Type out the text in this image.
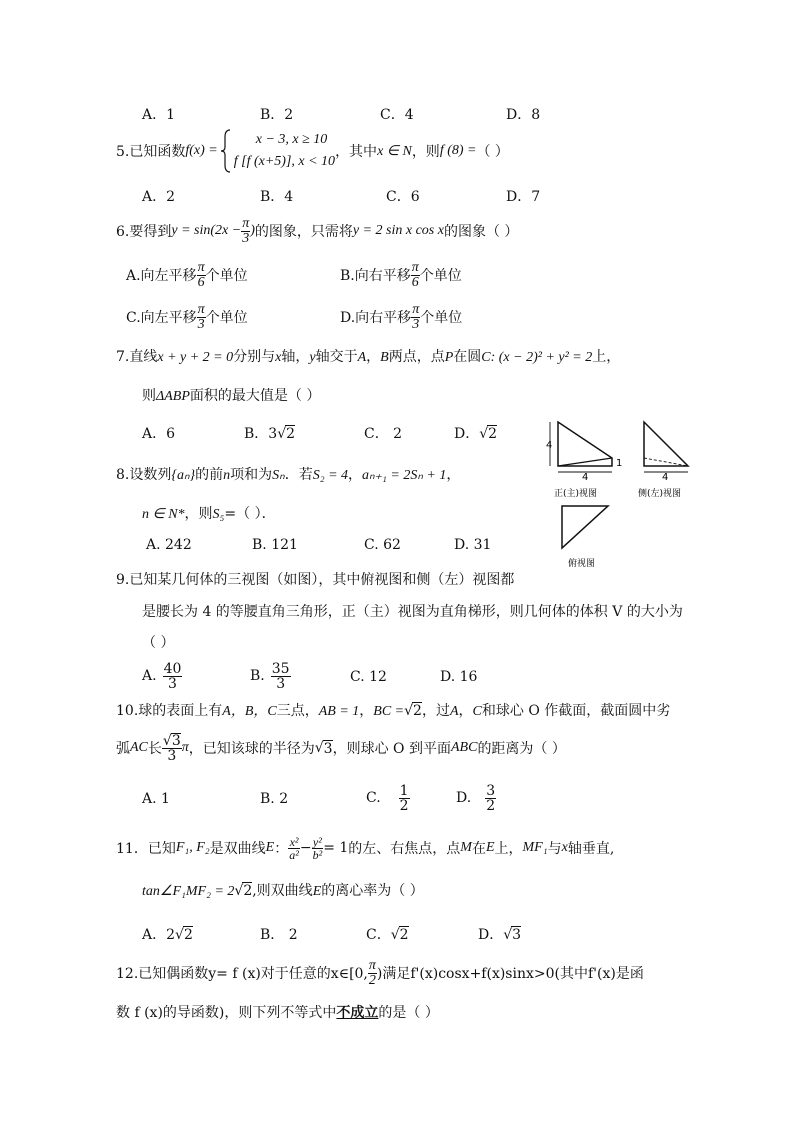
A．1	B．2	C．4	D．8
5.已知函数 f(x) =
x − 3, x ≥ 10
f [f (x+5)], x < 10
，其中 x ∈ N ，则 f (8) = （ ）
A．2	B．4	C．6	D．7
6.要得到 $y = \sin(2x - \frac{\pi}{3}$ ) 的图象，只需将 y = 2 sin x cos x 的图象（ ）
A.向左平移 $\frac{\pi}{6}$ 个单位	B.向右平移 $\frac{\pi}{6}$ 个单位
C.向左平移 $\frac{\pi}{3}$ 个单位	D.向右平移 $\frac{\pi}{3}$ 个单位
7.直线x + y + 2 = 0分别与x轴，y轴交于A，B两点，点P在圆C: (x − 2)² + y² = 2上，
则ΔABP面积的最大值是（ ）
A．6	B．3√2	C． 2	D．√2
4
4
1
正(主)视图
4
侧(左)视图
俯视图
8.设数列{aₙ}的前n项和为Sₙ．若S₂ = 4，aₙ₊₁ = 2Sₙ + 1，
n ∈ N*，则S₅=（ ）．
A. 242	B. 121	C. 62	D. 31
9.已知某几何体的三视图（如图），其中俯视图和侧（左）视图都
是腰长为 4 的等腰直角三角形，正（主）视图为直角梯形，则几何体的体积 V 的大小为
（ ）
A. $\frac{40}{3}$	B. $\frac{35}{3}$	C. 12	D. 16
10.球的表面上有A，B，C三点，AB = 1，BC =√2，过A，C和球心 O 作截面，截面圆中劣
弧 AC 长 $\frac{√3}{3}$ π ，已知该球的半径为 √ 3 ，则球心 O 到平面 ABC 的距离为（ ）
A. 1	B. 2	C. $\frac{1}{2}$	D. $\frac{3}{2}$
11．已知 F₁, F₂ 是双曲线 E ： $\frac{\text{x²}}{\text{a²}} - \frac{\text{y²}}{\text{b²}} = 1$ 的左、右焦点，点 M 在 E 上， MF₁ 与 x 轴垂直,
tan∠F₁MF₂ = 2√2,则双曲线E的离心率为（ ）
A．2√2	B． 2	C．√2	D．√3
12.已知偶函数y= f (x)对于任意的x∈[0, $\frac{\pi}{2}$ )满足f'(x)cosx+f(x)sinx>0(其中f'(x)是函
数 f (x)的导函数)，则下列不等式中不成立的是（ ）
